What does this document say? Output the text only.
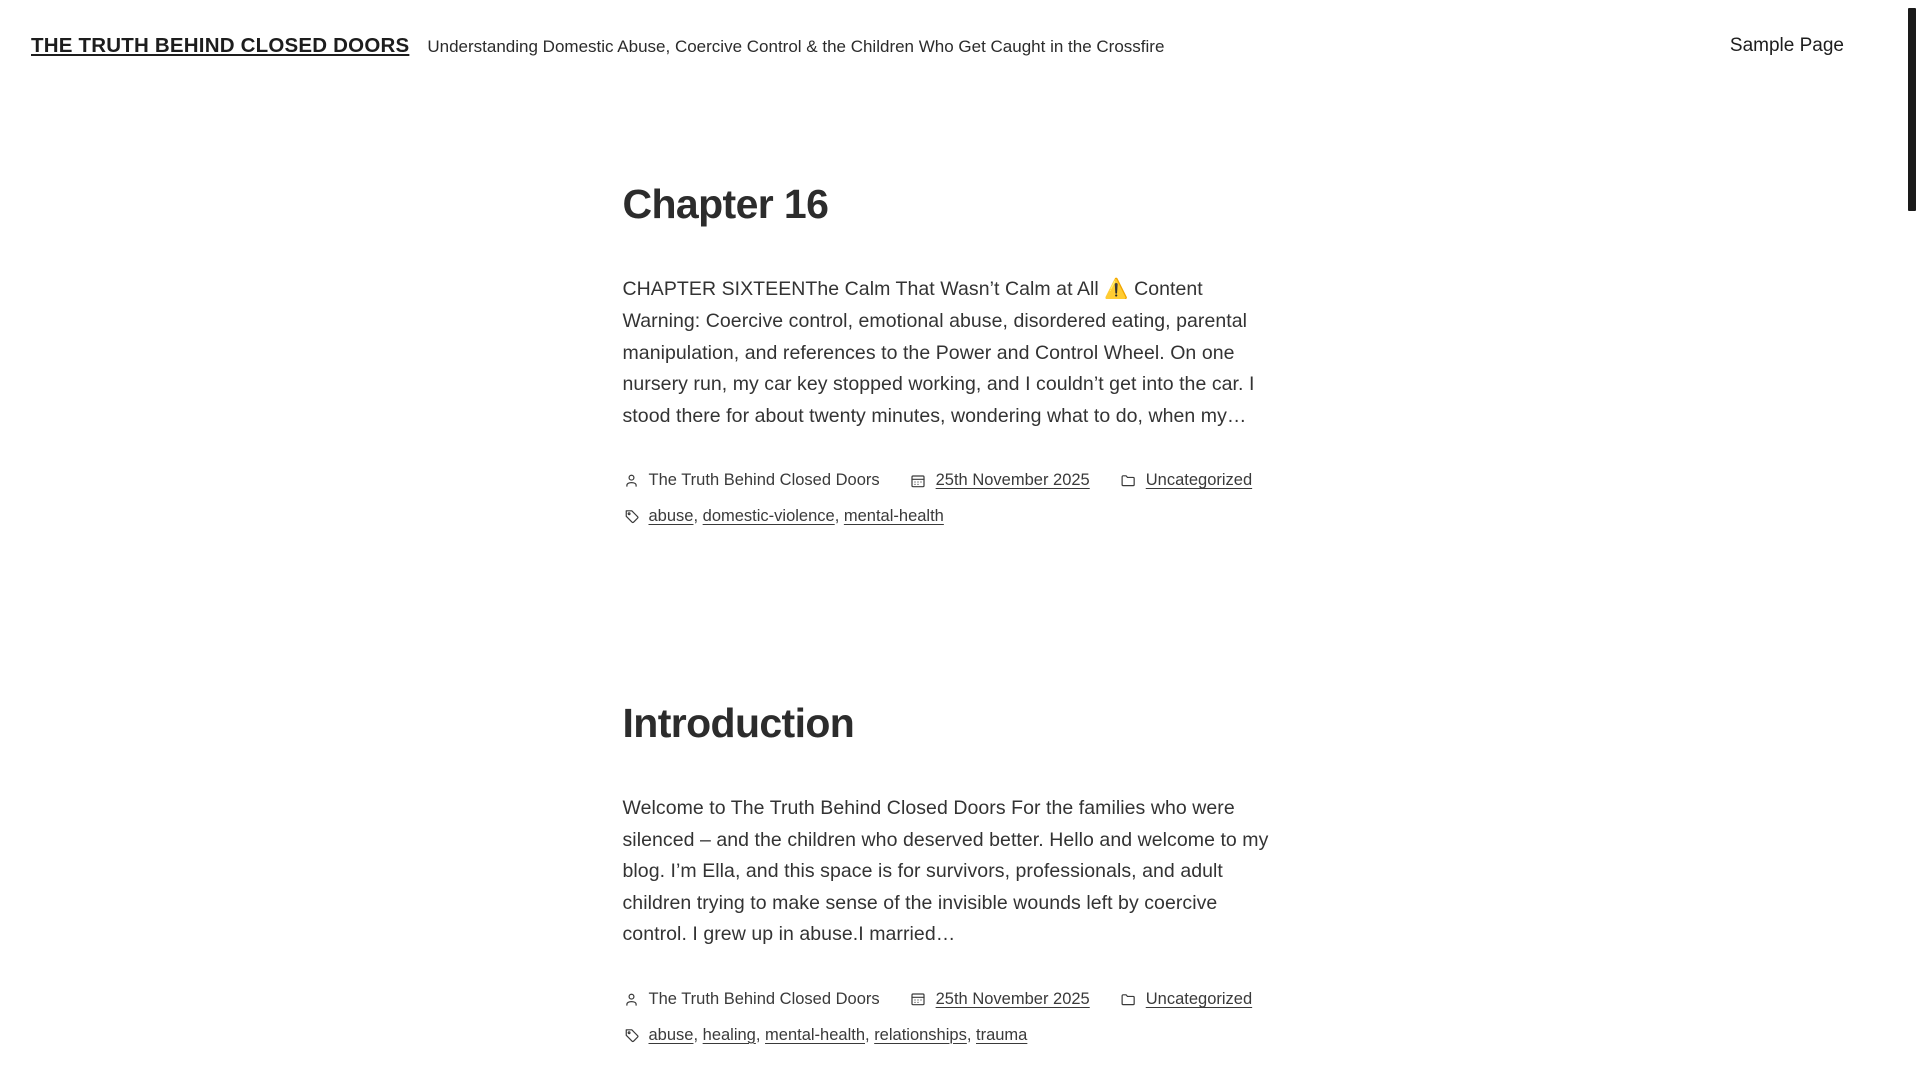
THE TRUTH BEHIND CLOSED DOORS Understanding Domestic Abuse, Coercive Control & the Children Who Get Caught in the Crossfire	Sample Page
Chapter 16

CHAPTER SIXTEENThe Calm That Wasn’t Calm at All ⚠️ Content Warning: Coercive control, emotional abuse, disordered eating, parental manipulation, and references to the Power and Control Wheel. On one nursery run, my car key stopped working, and I couldn’t get into the car. I stood there for about twenty minutes, wondering what to do, when my…

The Truth Behind Closed Doors	25th November 2025	Uncategorized
abuse, domestic-violence, mental-health
Introduction

Welcome to The Truth Behind Closed Doors For the families who were silenced – and the children who deserved better. Hello and welcome to my blog. I’m Ella, and this space is for survivors, professionals, and adult children trying to make sense of the invisible wounds left by coercive control. I grew up in abuse.I married…

The Truth Behind Closed Doors	25th November 2025	Uncategorized
abuse, healing, mental-health, relationships, trauma
